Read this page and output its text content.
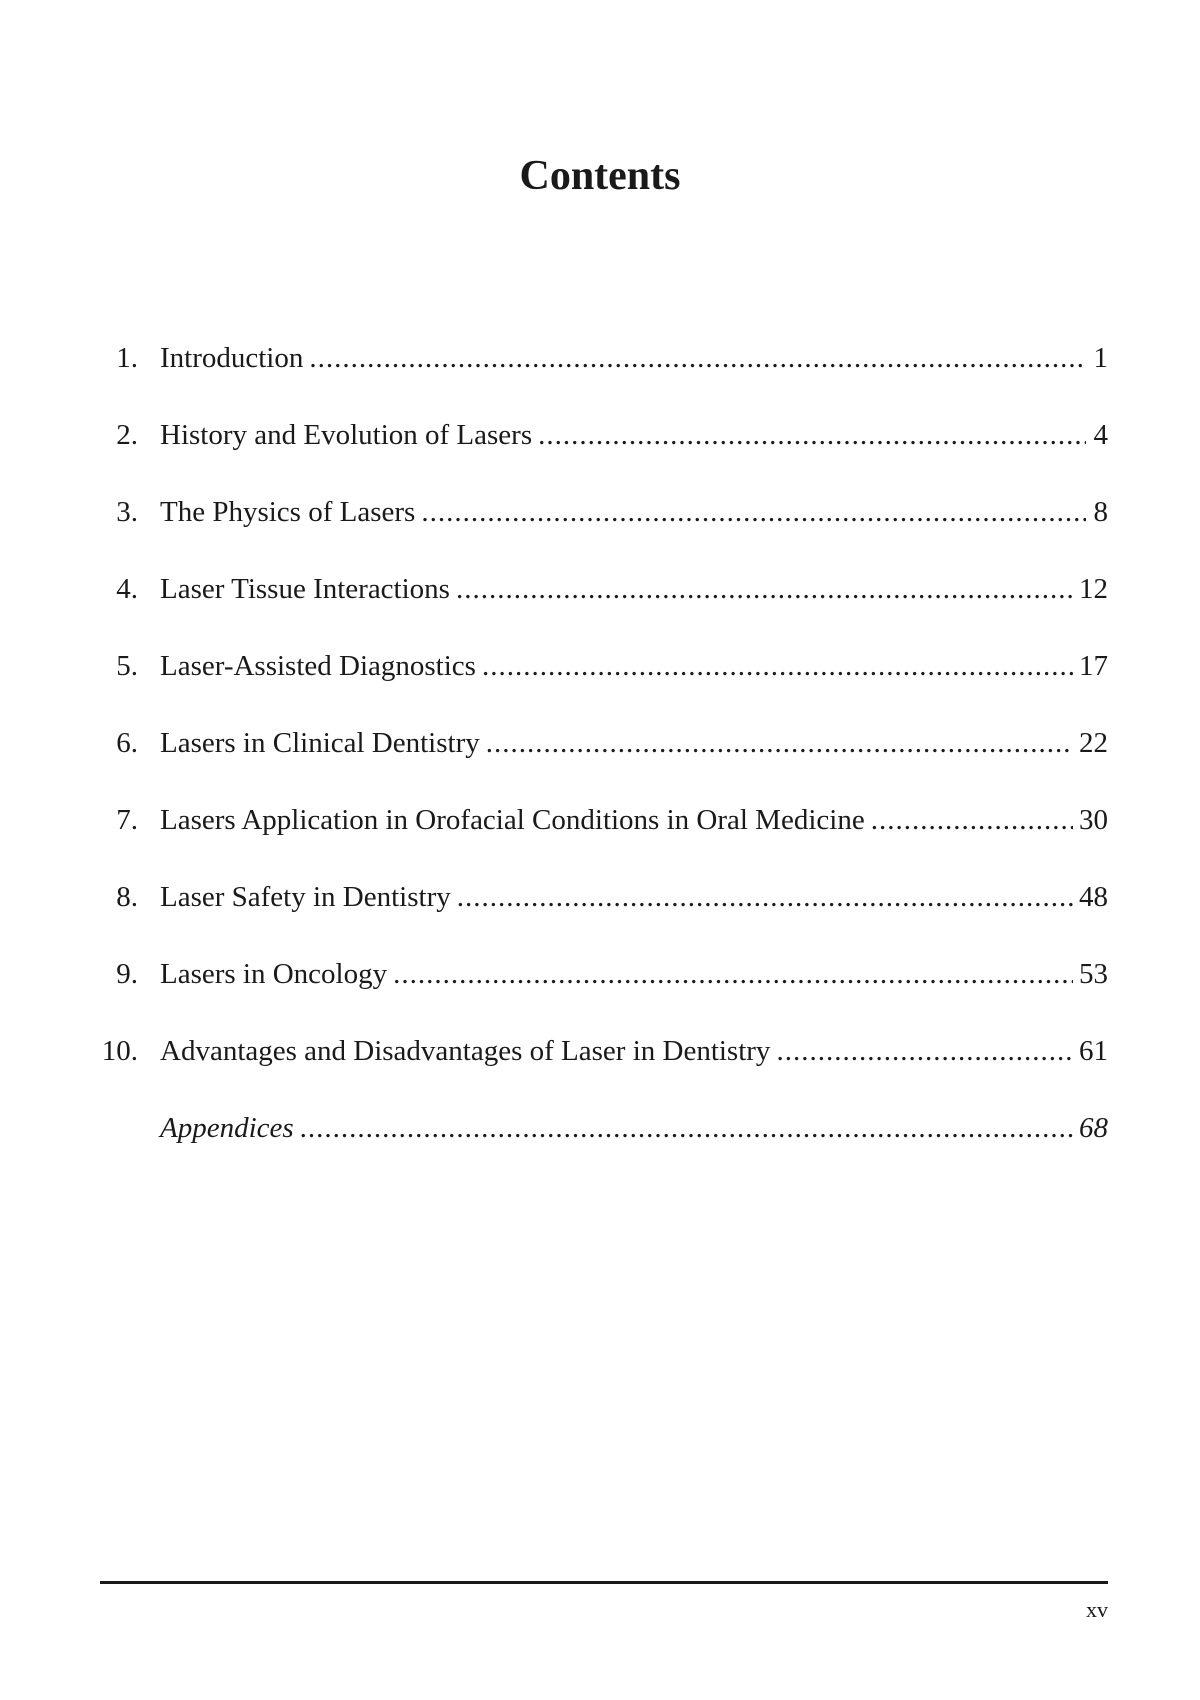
Contents
1. Introduction .....	1
2. History and Evolution of Lasers .....	4
3. The Physics of Lasers .....	8
4. Laser Tissue Interactions .....	12
5. Laser-Assisted Diagnostics .....	17
6. Lasers in Clinical Dentistry .....	22
7. Lasers Application in Orofacial Conditions in Oral Medicine .....	30
8. Laser Safety in Dentistry .....	48
9. Lasers in Oncology .....	53
10. Advantages and Disadvantages of Laser in Dentistry .....	61
Appendices .....	68
xv
